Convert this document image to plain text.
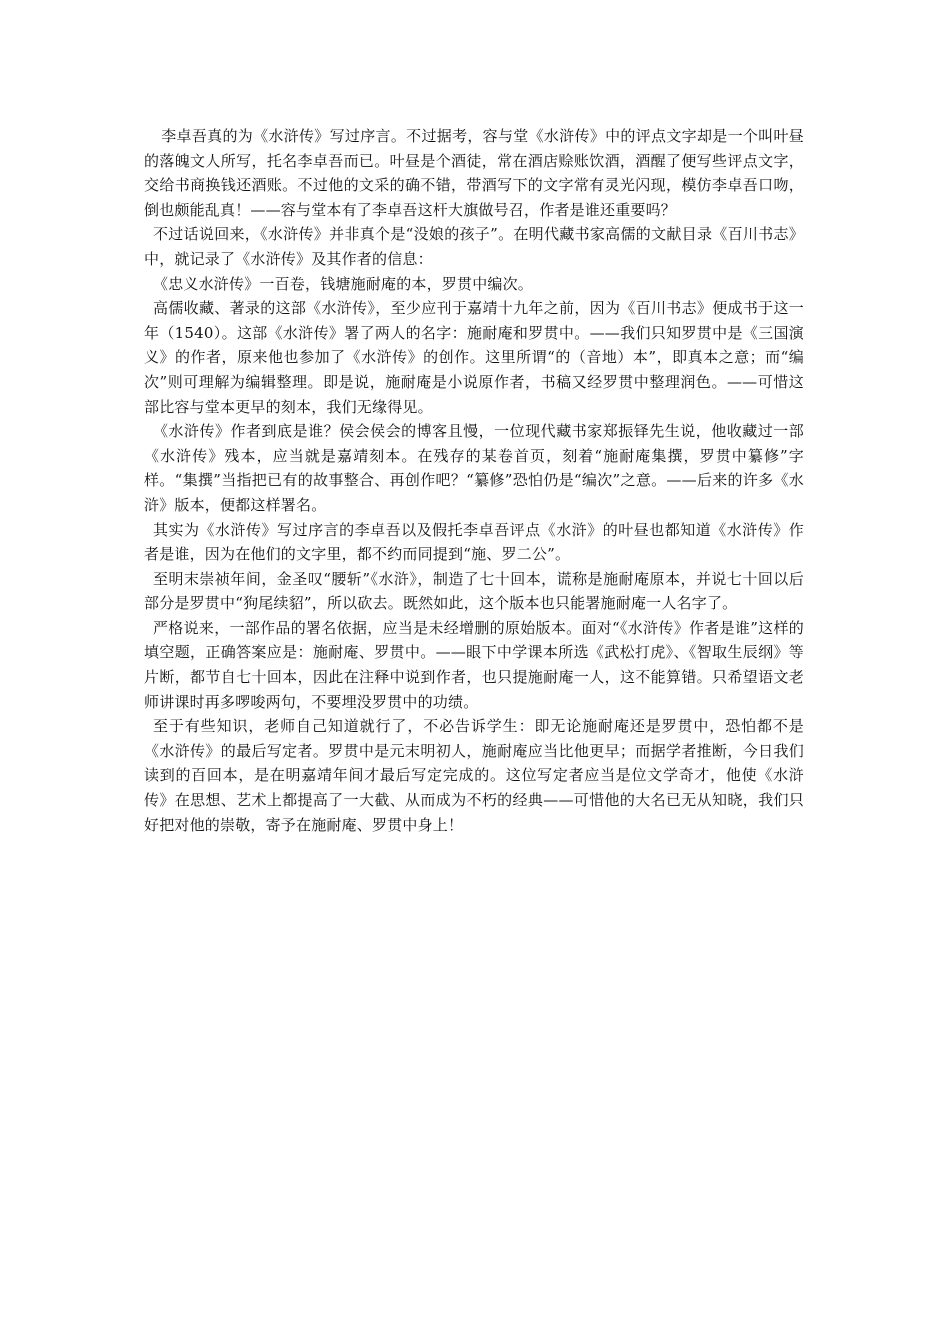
李卓吾真的为《水浒传》写过序言。不过据考，容与堂《水浒传》中的评点文字却是一个叫叶昼的落魄文人所写，托名李卓吾而已。叶昼是个酒徒，常在酒店赊账饮酒，酒醒了便写些评点文字，交给书商换钱还酒账。不过他的文采的确不错，带酒写下的文字常有灵光闪现，模仿李卓吾口吻，倒也颇能乱真！——容与堂本有了李卓吾这杆大旗做号召，作者是谁还重要吗？

不过话说回来，《水浒传》并非真个是“没娘的孩子”。在明代藏书家高儒的文献目录《百川书志》中，就记录了《水浒传》及其作者的信息：

《忠义水浒传》一百卷，钱塘施耐庵的本，罗贯中编次。

高儒收藏、著录的这部《水浒传》，至少应刊于嘉靖十九年之前，因为《百川书志》便成书于这一年（1540）。这部《水浒传》署了两人的名字：施耐庵和罗贯中。——我们只知罗贯中是《三国演义》的作者，原来他也参加了《水浒传》的创作。这里所谓“的（音地）本”，即真本之意；而“编次”则可理解为编辑整理。即是说，施耐庵是小说原作者，书稿又经罗贯中整理润色。——可惜这部比容与堂本更早的刻本，我们无缘得见。

《水浒传》作者到底是谁？侯会侯会的博客且慢，一位现代藏书家郑振铎先生说，他收藏过一部《水浒传》残本，应当就是嘉靖刻本。在残存的某卷首页，刻着“施耐庵集撰，罗贯中纂修”字样。“集撰”当指把已有的故事整合、再创作吧？“纂修”恐怕仍是“编次”之意。——后来的许多《水浒》版本，便都这样署名。

其实为《水浒传》写过序言的李卓吾以及假托李卓吾评点《水浒》的叶昼也都知道《水浒传》作者是谁，因为在他们的文字里，都不约而同提到“施、罗二公”。

至明末崇祯年间，金圣叹“腰斩”《水浒》，制造了七十回本，谎称是施耐庵原本，并说七十回以后部分是罗贯中“狗尾续貂”，所以砍去。既然如此，这个版本也只能署施耐庵一人名字了。

严格说来，一部作品的署名依据，应当是未经增删的原始版本。面对“《水浒传》作者是谁”这样的填空题，正确答案应是：施耐庵、罗贯中。——眼下中学课本所选《武松打虎》、《智取生辰纲》等片断，都节自七十回本，因此在注释中说到作者，也只提施耐庵一人，这不能算错。只希望语文老师讲课时再多啰唆两句，不要埋没罗贯中的功绩。

至于有些知识，老师自己知道就行了，不必告诉学生：即无论施耐庵还是罗贯中，恐怕都不是《水浒传》的最后写定者。罗贯中是元末明初人，施耐庵应当比他更早；而据学者推断，今日我们读到的百回本，是在明嘉靖年间才最后写定完成的。这位写定者应当是位文学奇才，他使《水浒传》在思想、艺术上都提高了一大截、从而成为不朽的经典——可惜他的大名已无从知晓，我们只好把对他的崇敬，寄予在施耐庵、罗贯中身上！
